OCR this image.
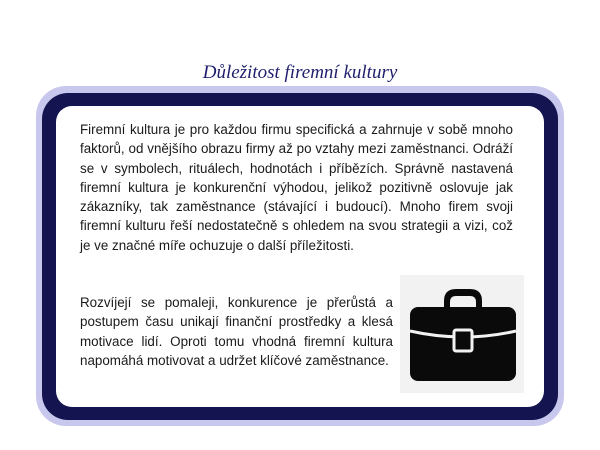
Důležitost firemní kultury

Firemní kultura je pro každou firmu specifická a zahrnuje v sobě mnoho faktorů, od vnějšího obrazu firmy až po vztahy mezi zaměstnanci. Odráží se v symbolech, rituálech, hodnotách i příbězích. Správně nastavená firemní kultura je konkurenční výhodou, jelikož pozitivně oslovuje jak zákazníky, tak zaměstnance (stávající i budoucí). Mnoho firem svoji firemní kulturu řeší nedostatečně s ohledem na svou strategii a vizi, což je ve značné míře ochuzuje o další příležitosti.

Rozvíjejí se pomaleji, konkurence je přerůstá a postupem času unikají finanční prostředky a klesá motivace lidí. Oproti tomu vhodná firemní kultura napomáhá motivovat a udržet klíčové zaměstnance.
